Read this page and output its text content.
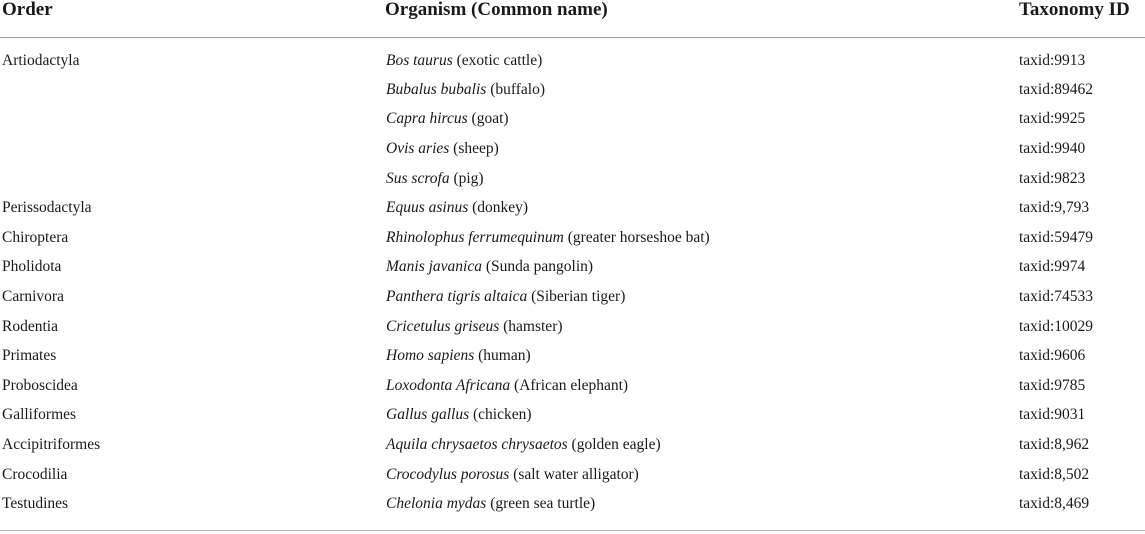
Order	Organism (Common name)	Taxonomy ID
Artiodactyla	Bos taurus (exotic cattle)	taxid:9913
	Bubalus bubalis (buffalo)	taxid:89462
	Capra hircus (goat)	taxid:9925
	Ovis aries (sheep)	taxid:9940
	Sus scrofa (pig)	taxid:9823
Perissodactyla	Equus asinus (donkey)	taxid:9,793
Chiroptera	Rhinolophus ferrumequinum (greater horseshoe bat)	taxid:59479
Pholidota	Manis javanica (Sunda pangolin)	taxid:9974
Carnivora	Panthera tigris altaica (Siberian tiger)	taxid:74533
Rodentia	Cricetulus griseus (hamster)	taxid:10029
Primates	Homo sapiens (human)	taxid:9606
Proboscidea	Loxodonta Africana (African elephant)	taxid:9785
Galliformes	Gallus gallus (chicken)	taxid:9031
Accipitriformes	Aquila chrysaetos chrysaetos (golden eagle)	taxid:8,962
Crocodilia	Crocodylus porosus (salt water alligator)	taxid:8,502
Testudines	Chelonia mydas (green sea turtle)	taxid:8,469
